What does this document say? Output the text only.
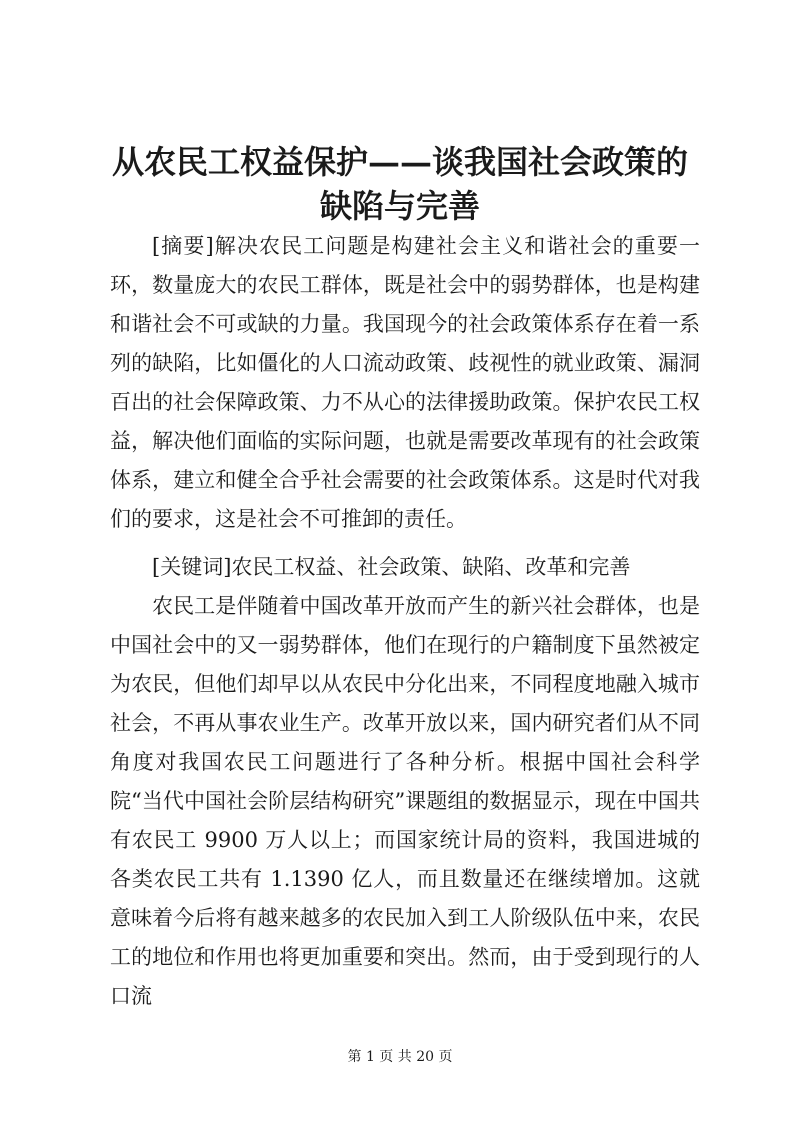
从农民工权益保护——谈我国社会政策的缺陷与完善

[摘要]解决农民工问题是构建社会主义和谐社会的重要一环，数量庞大的农民工群体，既是社会中的弱势群体，也是构建和谐社会不可或缺的力量。我国现今的社会政策体系存在着一系列的缺陷，比如僵化的人口流动政策、歧视性的就业政策、漏洞百出的社会保障政策、力不从心的法律援助政策。保护农民工权益，解决他们面临的实际问题，也就是需要改革现有的社会政策体系，建立和健全合乎社会需要的社会政策体系。这是时代对我们的要求，这是社会不可推卸的责任。

[关键词]农民工权益、社会政策、缺陷、改革和完善

农民工是伴随着中国改革开放而产生的新兴社会群体，也是中国社会中的又一弱势群体，他们在现行的户籍制度下虽然被定为农民，但他们却早以从农民中分化出来，不同程度地融入城市社会，不再从事农业生产。改革开放以来，国内研究者们从不同角度对我国农民工问题进行了各种分析。根据中国社会科学院“当代中国社会阶层结构研究”课题组的数据显示，现在中国共有农民工 9900 万人以上；而国家统计局的资料，我国进城的各类农民工共有 1.1390 亿人，而且数量还在继续增加。这就意味着今后将有越来越多的农民加入到工人阶级队伍中来，农民工的地位和作用也将更加重要和突出。然而，由于受到现行的人口流

第 1 页 共 20 页
